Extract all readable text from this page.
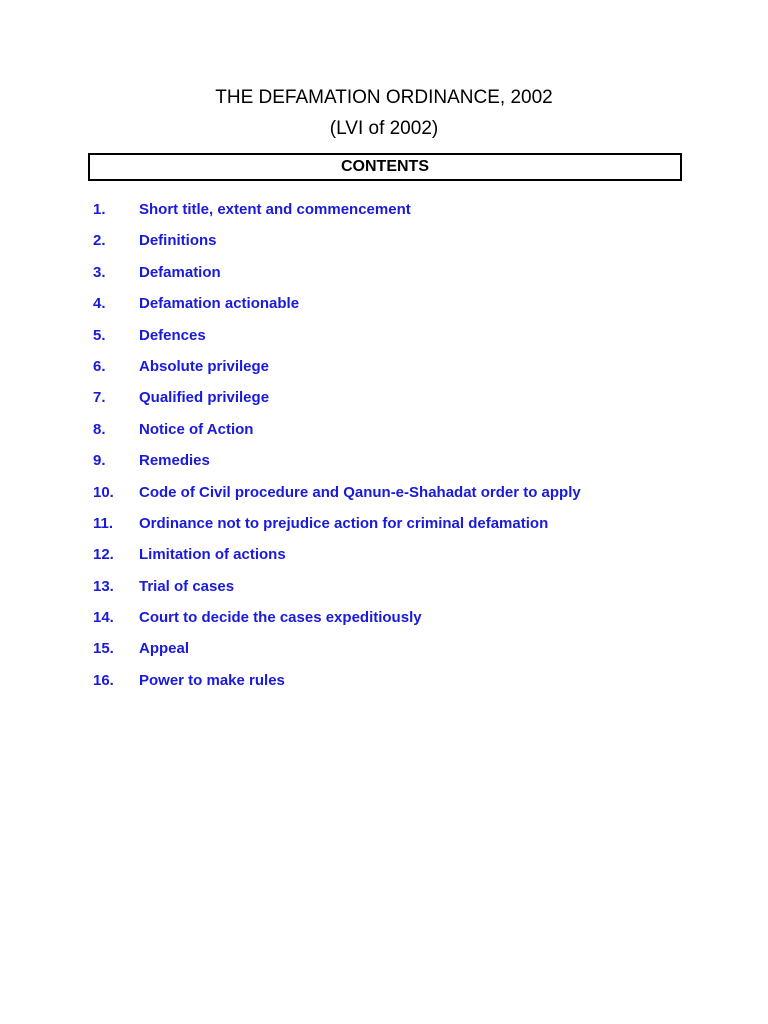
THE DEFAMATION ORDINANCE, 2002
(LVI of 2002)
CONTENTS
1. Short title, extent and commencement
2. Definitions
3. Defamation
4. Defamation actionable
5. Defences
6. Absolute privilege
7. Qualified privilege
8. Notice of Action
9. Remedies
10. Code of Civil procedure and Qanun-e-Shahadat order to apply
11. Ordinance not to prejudice action for criminal defamation
12. Limitation of actions
13. Trial of cases
14. Court to decide the cases expeditiously
15. Appeal
16. Power to make rules
